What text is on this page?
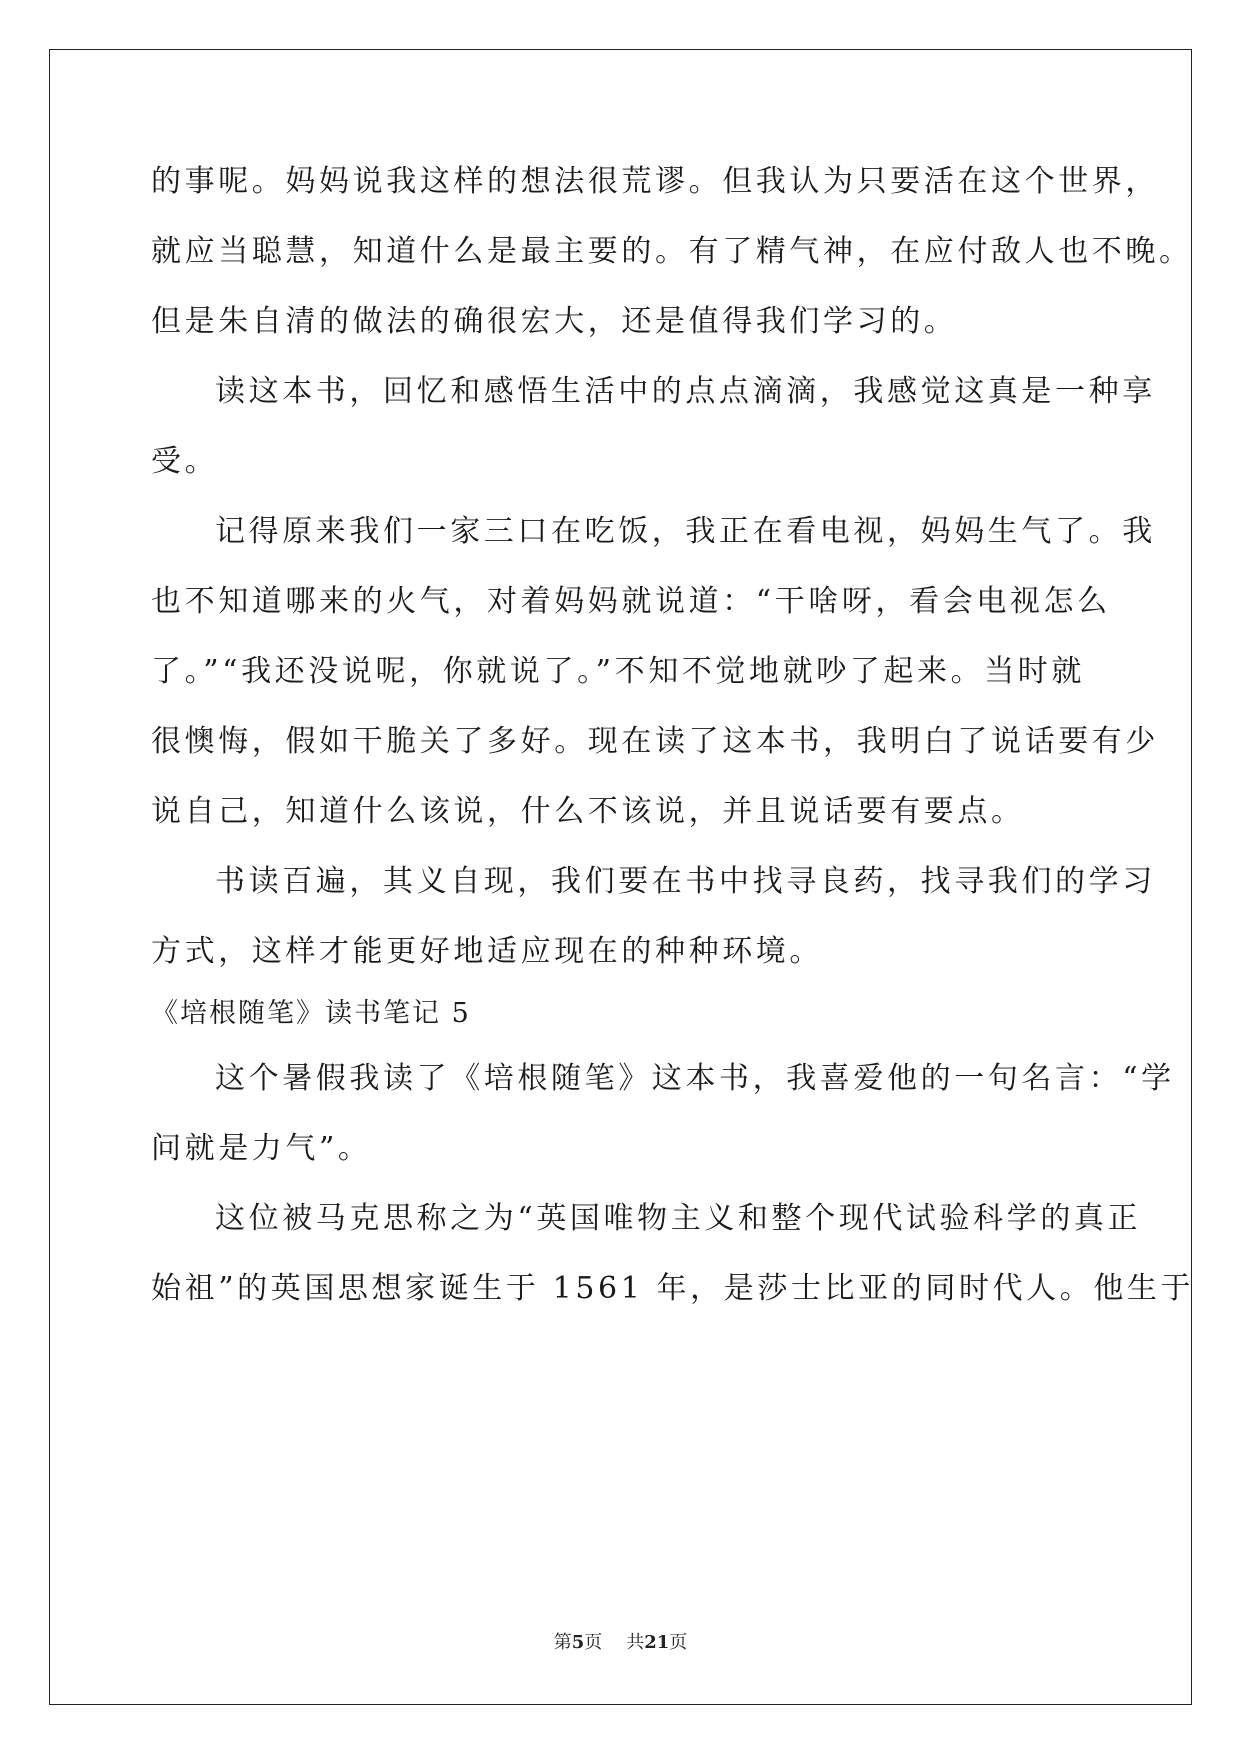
的事呢。妈妈说我这样的想法很荒谬。但我认为只要活在这个世界，
就应当聪慧，知道什么是最主要的。有了精气神，在应付敌人也不晚。
但是朱自清的做法的确很宏大，还是值得我们学习的。
读这本书，回忆和感悟生活中的点点滴滴，我感觉这真是一种享
受。
记得原来我们一家三口在吃饭，我正在看电视，妈妈生气了。我
也不知道哪来的火气，对着妈妈就说道：“干啥呀，看会电视怎么
了。”“我还没说呢，你就说了。”不知不觉地就吵了起来。当时就
很懊悔，假如干脆关了多好。现在读了这本书，我明白了说话要有少
说自己，知道什么该说，什么不该说，并且说话要有要点。
书读百遍，其义自现，我们要在书中找寻良药，找寻我们的学习
方式，这样才能更好地适应现在的种种环境。
《培根随笔》读书笔记 5
这个暑假我读了《培根随笔》这本书，我喜爱他的一句名言：“学
问就是力气”。
这位被马克思称之为“英国唯物主义和整个现代试验科学的真正
始祖”的英国思想家诞生于 1561 年，是莎士比亚的同时代人。他生于
第5页 共21页
